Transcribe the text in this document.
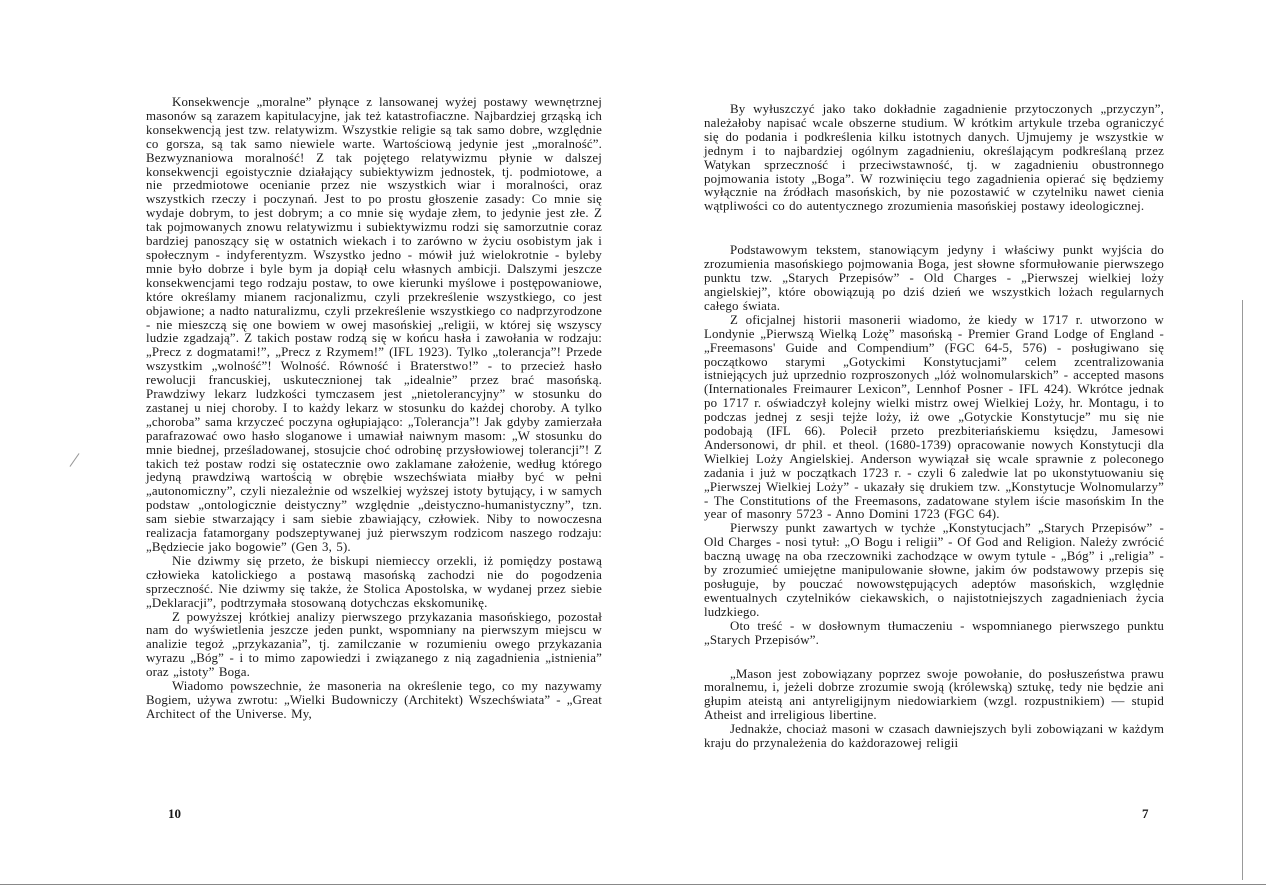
Konsekwencje „moralne” płynące z lansowanej wyżej postawy wewnętrznej masonów są zarazem kapitulacyjne, jak też katastrofiaczne. Najbardziej grząską ich konsekwencją jest tzw. relatywizm. Wszystkie religie są tak samo dobre, względnie co gorsza, są tak samo niewiele warte. Wartościową jedynie jest „moralność”. Bezwyznaniowa moralność! Z tak pojętego relatywizmu płynie w dalszej konsekwencji egoistycznie działający subiektywizm jednostek, tj. podmiotowe, a nie przedmiotowe ocenianie przez nie wszystkich wiar i moralności, oraz wszystkich rzeczy i poczynań. Jest to po prostu głoszenie zasady: Co mnie się wydaje dobrym, to jest dobrym; a co mnie się wydaje złem, to jedynie jest złe. Z tak pojmowanych znowu relatywizmu i subiektywizmu rodzi się samorzutnie coraz bardziej panoszący się w ostatnich wiekach i to zarówno w życiu osobistym jak i społecznym - indyferentyzm. Wszystko jedno - mówił już wielokrotnie - byleby mnie było dobrze i byle bym ja dopiął celu własnych ambicji. Dalszymi jeszcze konsekwencjami tego rodzaju postaw, to owe kierunki myślowe i postępowaniowe, które określamy mianem racjonalizmu, czyli przekreślenie wszystkiego, co jest objawione; a nadto naturalizmu, czyli przekreślenie wszystkiego co nadprzyrodzone - nie mieszczą się one bowiem w owej masońskiej „religii, w której się wszyscy ludzie zgadzają”. Z takich postaw rodzą się w końcu hasła i zawołania w rodzaju: „Precz z dogmatami!”, „Precz z Rzymem!” (IFL 1923). Tylko „tolerancja”! Przede wszystkim „wolność”! Wolność. Równość i Braterstwo!” - to przecież hasło rewolucji francuskiej, uskutecznionej tak „idealnie” przez brać masońską. Prawdziwy lekarz ludzkości tymczasem jest „nietolerancyjny” w stosunku do zastanej u niej choroby. I to każdy lekarz w stosunku do każdej choroby. A tylko „choroba” sama krzyczeć poczyna ogłupiająco: „Tolerancja”! Jak gdyby zamierzała parafrazować owo hasło sloganowe i umawiał naiwnym masom: „W stosunku do mnie biednej, prześladowanej, stosujcie choć odrobinę przysłowiowej tolerancji”! Z takich też postaw rodzi się ostatecznie owo zaklamane założenie, według którego jedyną prawdziwą wartością w obrębie wszechświata miałby być w pełni „autonomiczny”, czyli niezależnie od wszelkiej wyższej istoty bytujący, i w samych podstaw „ontologicznie deistyczny” względnie „deistyczno-humanistyczny”, tzn. sam siebie stwarzający i sam siebie zbawiający, człowiek. Niby to nowoczesna realizacja fatamorgany podszeptywanej już pierwszym rodzicom naszego rodzaju: „Będziecie jako bogowie” (Gen 3, 5).

Nie dziwmy się przeto, że biskupi niemieccy orzekli, iż pomiędzy postawą człowieka katolickiego a postawą masońską zachodzi nie do pogodzenia sprzeczność. Nie dziwmy się także, że Stolica Apostolska, w wydanej przez siebie „Deklaracji”, podtrzymała stosowaną dotychczas ekskomunikę.

Z powyższej krótkiej analizy pierwszego przykazania masońskiego, pozostał nam do wyświetlenia jeszcze jeden punkt, wspomniany na pierwszym miejscu w analizie tegoż „przykazania”, tj. zamilczanie w rozumieniu owego przykazania wyrazu „Bóg” - i to mimo zapowiedzi i związanego z nią zagadnienia „istnienia” oraz „istoty” Boga.

Wiadomo powszechnie, że masoneria na określenie tego, co my nazywamy Bogiem, używa zwrotu: „Wielki Budowniczy (Architekt) Wszechświata” - „Great Architect of the Universe. My,

10

By wyłuszczyć jako tako dokładnie zagadnienie przytoczonych „przyczyn”, należałoby napisać wcale obszerne studium. W krótkim artykule trzeba ograniczyć się do podania i podkreślenia kilku istotnych danych. Ujmujemy je wszystkie w jednym i to najbardziej ogólnym zagadnieniu, określającym podkreślaną przez Watykan sprzeczność i przeciwstawność, tj. w zagadnieniu obustronnego pojmowania istoty „Boga”. W rozwinięciu tego zagadnienia opierać się będziemy wyłącznie na źródłach masońskich, by nie pozostawić w czytelniku nawet cienia wątpliwości co do autentycznego zrozumienia masońskiej postawy ideologicznej.

Podstawowym tekstem, stanowiącym jedyny i właściwy punkt wyjścia do zrozumienia masońskiego pojmowania Boga, jest słowne sformułowanie pierwszego punktu tzw. „Starych Przepisów” - Old Charges - „Pierwszej wielkiej loży angielskiej”, które obowiązują po dziś dzień we wszystkich lożach regularnych całego świata.

Z oficjalnej historii masonerii wiadomo, że kiedy w 1717 r. utworzono w Londynie „Pierwszą Wielką Lożę” masońską - Premier Grand Lodge of England - „Freemasons' Guide and Compendium” (FGC 64-5, 576) - posługiwano się początkowo starymi „Gotyckimi Konstytucjami” celem zcentralizowania istniejących już uprzednio rozproszonych „lóż wolnomularskich” - accepted masons (Internationales Freimaurer Lexicon”, Lennhof Posner - IFL 424). Wkrótce jednak po 1717 r. oświadczył kolejny wielki mistrz owej Wielkiej Loży, hr. Montagu, i to podczas jednej z sesji tejże loży, iż owe „Gotyckie Konstytucje” mu się nie podobają (IFL 66). Polecił przeto prezbiteriańskiemu księdzu, Jamesowi Andersonowi, dr phil. et theol. (1680-1739) opracowanie nowych Konstytucji dla Wielkiej Loży Angielskiej. Anderson wywiązał się wcale sprawnie z poleconego zadania i już w początkach 1723 r. - czyli 6 zaledwie lat po ukonstytuowaniu się „Pierwszej Wielkiej Loży” - ukazały się drukiem tzw. „Konstytucje Wolnomularzy” - The Constitutions of the Freemasons, zadatowane stylem iście masońskim In the year of masonry 5723 - Anno Domini 1723 (FGC 64).

Pierwszy punkt zawartych w tychże „Konstytucjach” „Starych Przepisów” - Old Charges - nosi tytuł: „O Bogu i religii” - Of God and Religion. Należy zwrócić baczną uwagę na oba rzeczowniki zachodzące w owym tytule - „Bóg” i „religia” - by zrozumieć umiejętne manipulowanie słowne, jakim ów podstawowy przepis się posługuje, by pouczać nowowstępujących adeptów masońskich, względnie ewentualnych czytelników ciekawskich, o najistotniejszych zagadnieniach życia ludzkiego.

Oto treść - w dosłownym tłumaczeniu - wspomnianego pierwszego punktu „Starych Przepisów”.

„Mason jest zobowiązany poprzez swoje powołanie, do posłuszeństwa prawu moralnemu, i, jeżeli dobrze zrozumie swoją (królewską) sztukę, tedy nie będzie ani głupim ateistą ani antyreligijnym niedowiarkiem (wzgl. rozpustnikiem) — stupid Atheist and irreligious libertine.

Jednakże, chociaż masoni w czasach dawniejszych byli zobowiązani w każdym kraju do przynależenia do każdorazowej religii

7
